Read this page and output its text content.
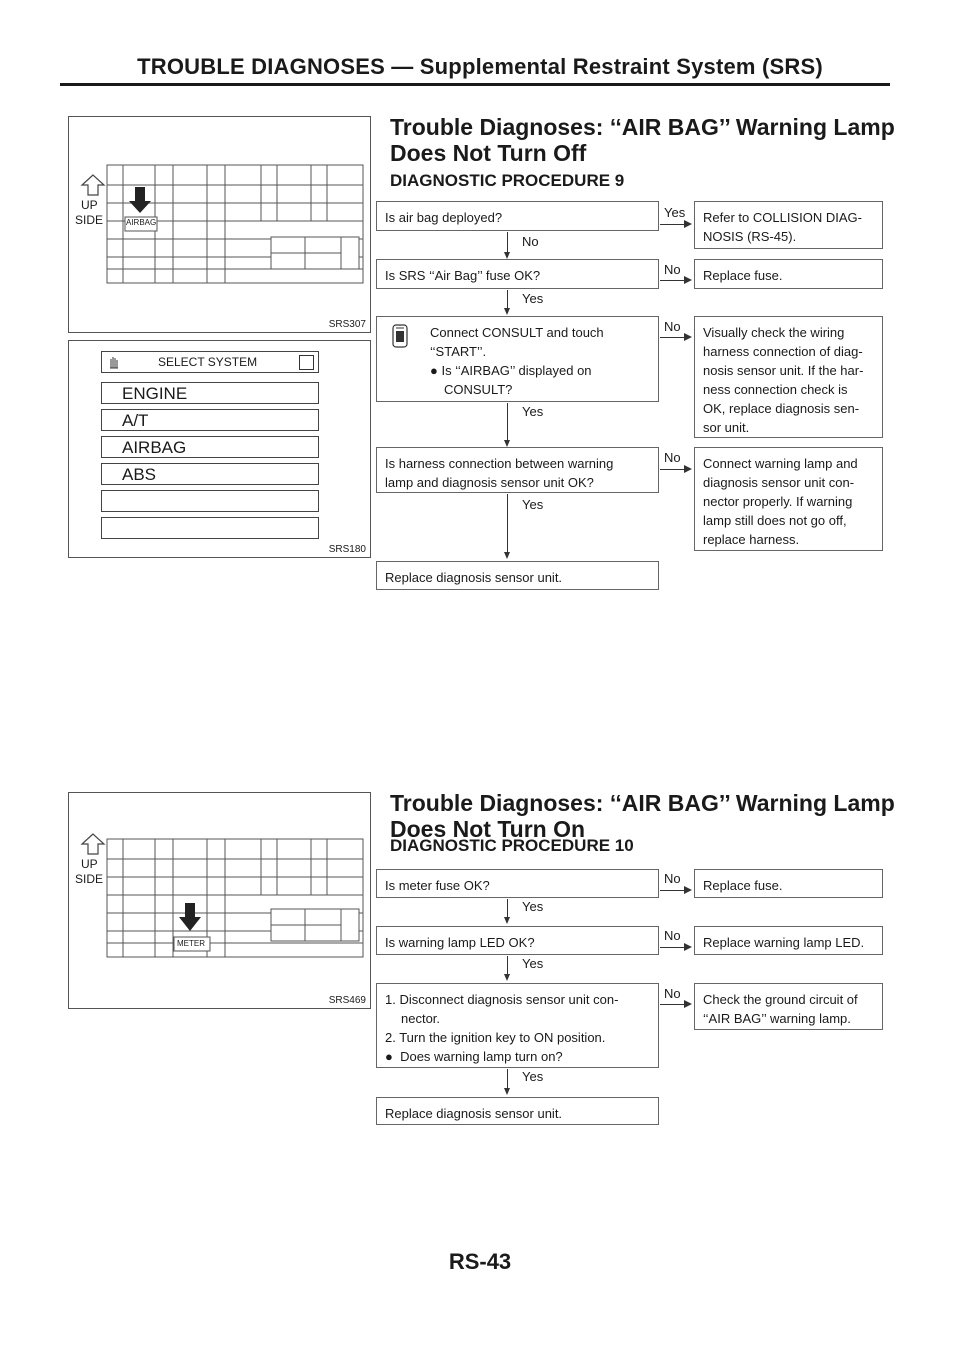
TROUBLE DIAGNOSES — Supplemental Restraint System (SRS)
UP
SIDE	AIRBAG
SRS307
SELECT SYSTEM
ENGINE
A/T
AIRBAG
ABS
SRS180
Trouble Diagnoses: ‘‘AIR BAG’’ Warning Lamp
Does Not Turn Off
DIAGNOSTIC PROCEDURE 9
Is air bag deployed?	Yes	Refer to COLLISION DIAG-
NOSIS (RS-45).
No
Is SRS ‘‘Air Bag’’ fuse OK?	No	Replace fuse.
Yes
Connect CONSULT and touch
‘‘START’’.
● Is ‘‘AIRBAG’’ displayed on
CONSULT?
No	Visually check the wiring
harness connection of diag-
nosis sensor unit. If the har-
ness connection check is
OK, replace diagnosis sen-
sor unit.
Yes
Is harness connection between warning
lamp and diagnosis sensor unit OK?
No	Connect warning lamp and
diagnosis sensor unit con-
nector properly. If warning
lamp still does not go off,
replace harness.
Yes
Replace diagnosis sensor unit.
UP
SIDE
METER
SRS469
Trouble Diagnoses: ‘‘AIR BAG’’ Warning Lamp
Does Not Turn On
DIAGNOSTIC PROCEDURE 10
Is meter fuse OK?	No	Replace fuse.
Yes
Is warning lamp LED OK?	No	Replace warning lamp LED.
Yes
1. Disconnect diagnosis sensor unit con-
nector.
2. Turn the ignition key to ON position.
●  Does warning lamp turn on?
No	Check the ground circuit of
‘‘AIR BAG’’ warning lamp.
Yes
Replace diagnosis sensor unit.
RS-43
